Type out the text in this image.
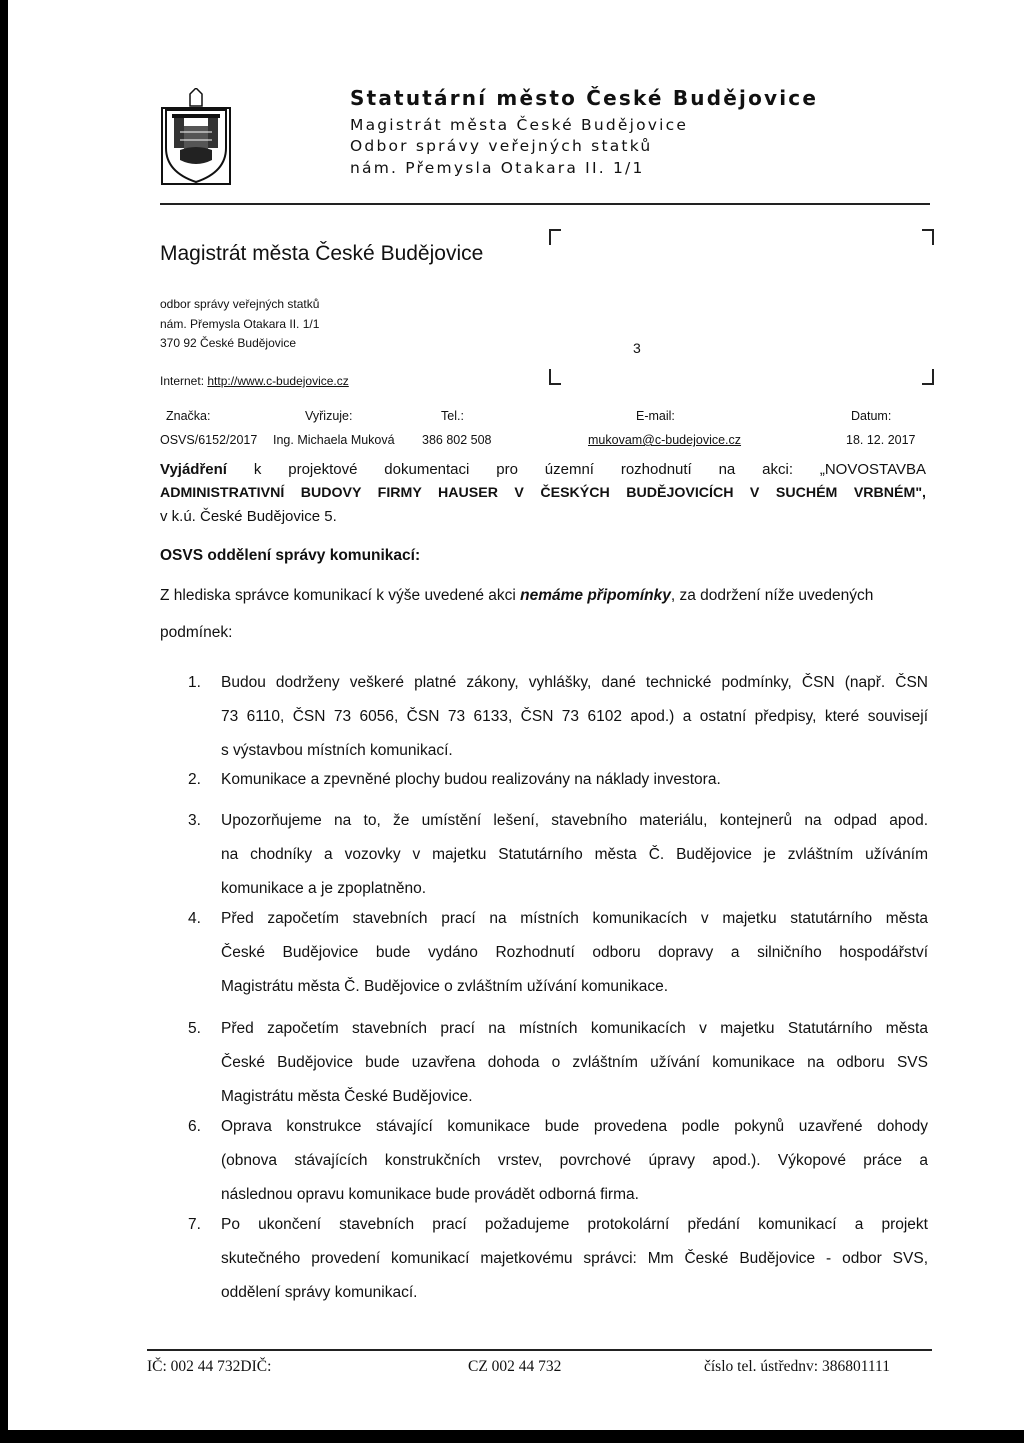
Statutární město České Budějovice
Magistrát města České Budějovice
Odbor správy veřejných statků
nám. Přemysla Otakara II. 1/1
Magistrát města České Budějovice
odbor správy veřejných statků
nám. Přemysla Otakara II. 1/1
370 92 České Budějovice
Internet: http://www.c-budejovice.cz
3
Značka:	Vyřizuje:	Tel.:	E-mail:	Datum:
OSVS/6152/2017 Ing. Michaela Muková 386 802 508	mukovam@c-budejovice.cz	18. 12. 2017
Vyjádření k projektové dokumentaci pro územní rozhodnutí na akci: „NOVOSTAVBA
ADMINISTRATIVNÍ BUDOVY FIRMY HAUSER V ČESKÝCH BUDĚJOVICÍCH V SUCHÉM VRBNÉM",
v k.ú. České Budějovice 5.
OSVS oddělení správy komunikací:
Z hlediska správce komunikací k výše uvedené akci nemáme připomínky, za dodržení níže uvedených
podmínek:
1. Budou dodrženy veškeré platné zákony, vyhlášky, dané technické podmínky, ČSN (např. ČSN
73 6110, ČSN 73 6056, ČSN 73 6133, ČSN 73 6102 apod.) a ostatní předpisy, které souvisejí
s výstavbou místních komunikací.
2. Komunikace a zpevněné plochy budou realizovány na náklady investora.
3. Upozorňujeme na to, že umístění lešení, stavebního materiálu, kontejnerů na odpad apod.
na chodníky a vozovky v majetku Statutárního města Č. Budějovice je zvláštním užíváním
komunikace a je zpoplatněno.
4. Před započetím stavebních prací na místních komunikacích v majetku statutárního města
České Budějovice bude vydáno Rozhodnutí odboru dopravy a silničního hospodářství
Magistrátu města Č. Budějovice o zvláštním užívání komunikace.
5. Před započetím stavebních prací na místních komunikacích v majetku Statutárního města
České Budějovice bude uzavřena dohoda o zvláštním užívání komunikace na odboru SVS
Magistrátu města České Budějovice.
6. Oprava konstrukce stávající komunikace bude provedena podle pokynů uzavřené dohody
(obnova stávajících konstrukčních vrstev, povrchové úpravy apod.). Výkopové práce a
následnou opravu komunikace bude provádět odborná firma.
7. Po ukončení stavebních prací požadujeme protokolární předání komunikací a projekt
skutečného provedení komunikací majetkovému správci: Mm České Budějovice - odbor SVS,
oddělení správy komunikací.
IČ: 002 44 732DIČ:	CZ 002 44 732	číslo tel. ústřednv: 386801111
